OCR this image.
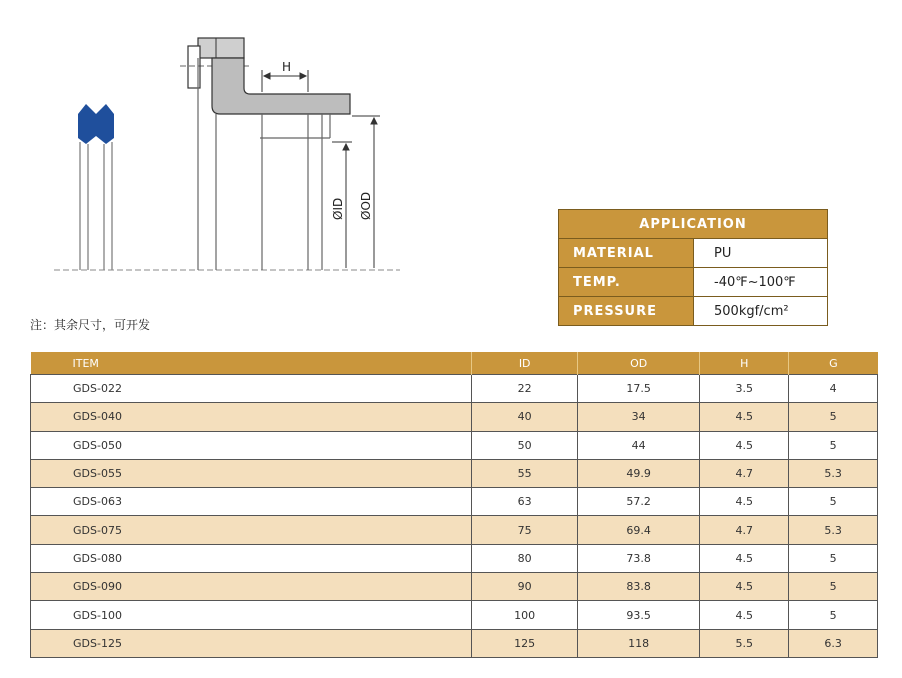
H
ØID ØOD
注：其余尺寸，可开发
APPLICATION	
MATERIAL	PU
TEMP.	-40℉~100℉
PRESSURE	500kgf/cm²
ITEM	ID	OD	H	G
GDS-022	22	17.5	3.5	4
GDS-040	40	34	4.5	5
GDS-050	50	44	4.5	5
GDS-055	55	49.9	4.7	5.3
GDS-063	63	57.2	4.5	5
GDS-075	75	69.4	4.7	5.3
GDS-080	80	73.8	4.5	5
GDS-090	90	83.8	4.5	5
GDS-100	100	93.5	4.5	5
GDS-125	125	118	5.5	6.3
